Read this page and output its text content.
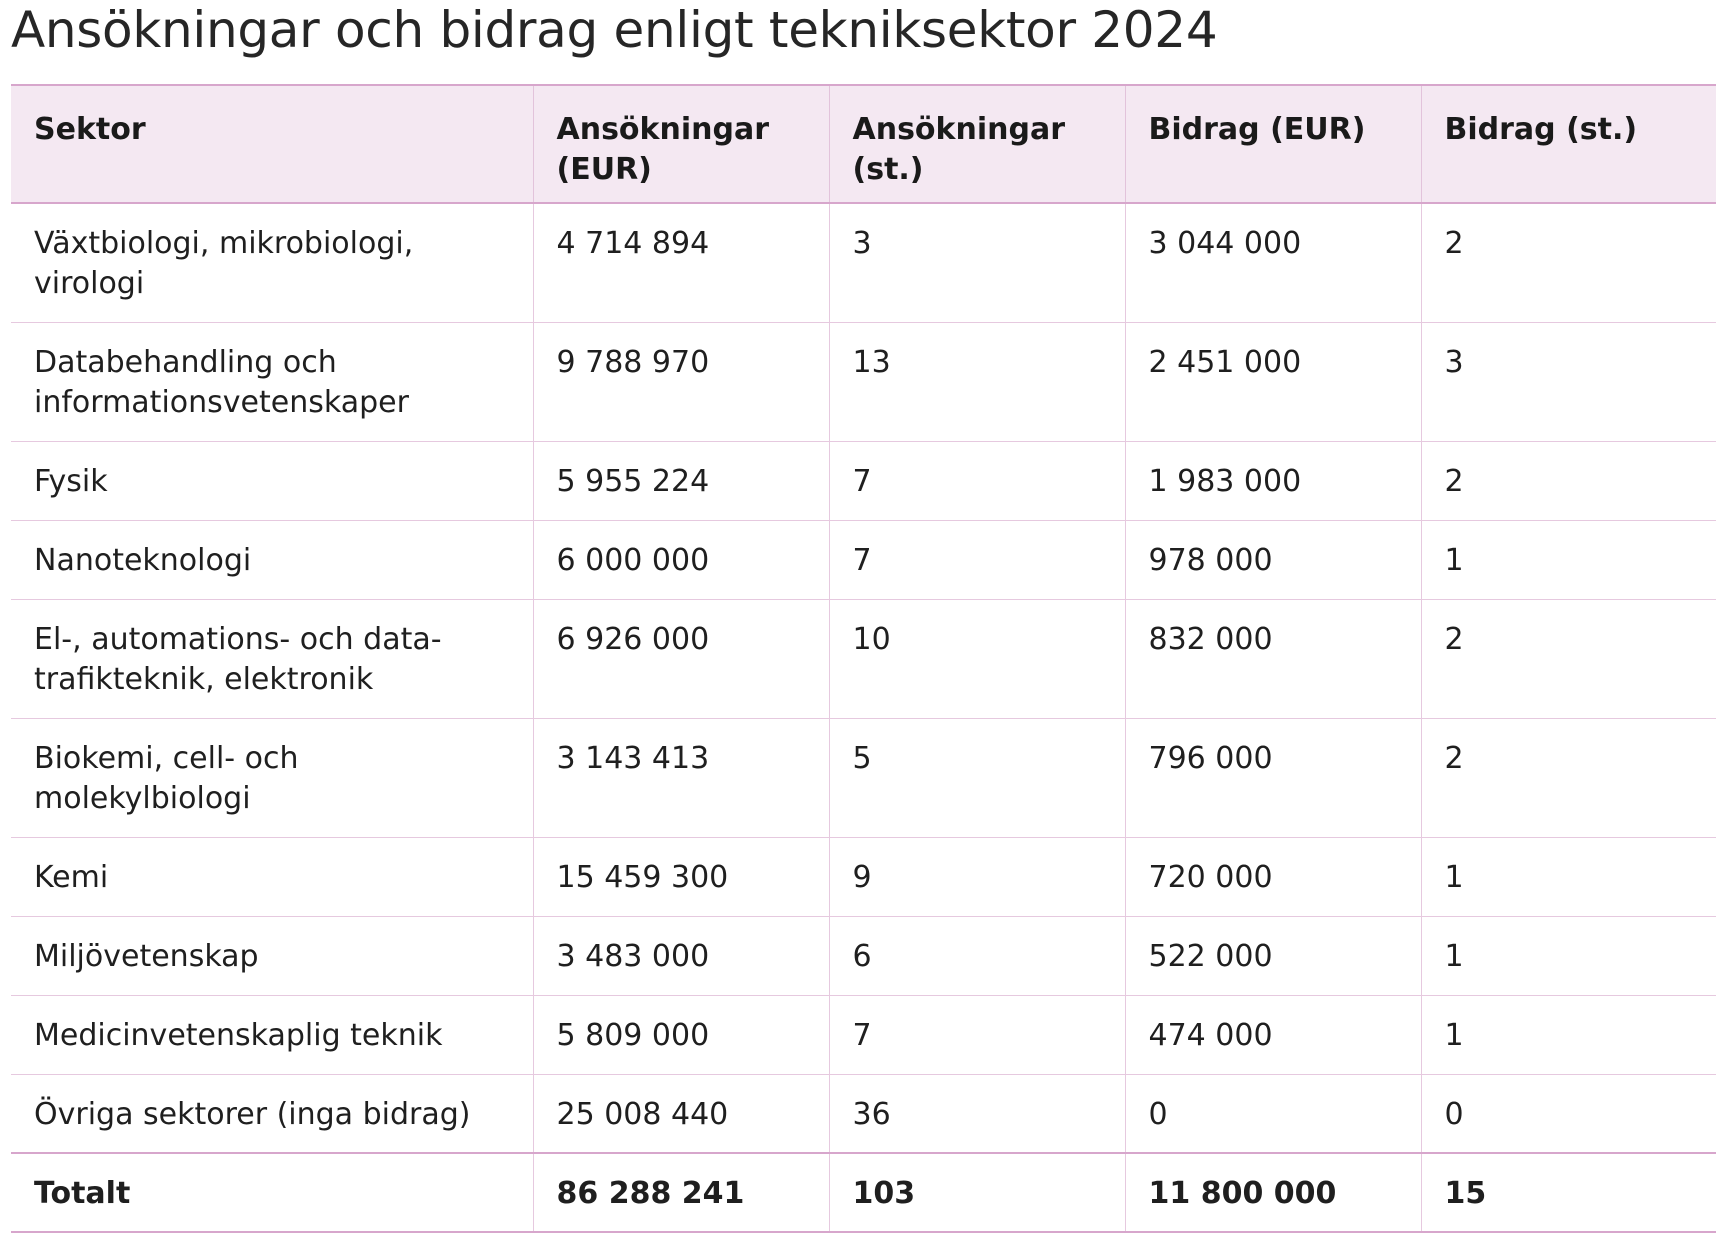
Ansökningar och bidrag enligt tekniksektor 2024
Sektor	Ansökningar (EUR)	Ansökningar (st.)	Bidrag (EUR)	Bidrag (st.)
Växtbiologi, mikrobiologi, virologi	4 714 894	3	3 044 000	2
Databehandling och informationsvetenskaper	9 788 970	13	2 451 000	3
Fysik	5 955 224	7	1 983 000	2
Nanoteknologi	6 000 000	7	978 000	1
El-, automations- och data-trafikteknik, elektronik	6 926 000	10	832 000	2
Biokemi, cell- och molekylbiologi	3 143 413	5	796 000	2
Kemi	15 459 300	9	720 000	1
Miljövetenskap	3 483 000	6	522 000	1
Medicinvetenskaplig teknik	5 809 000	7	474 000	1
Övriga sektorer (inga bidrag)	25 008 440	36	0	0
Totalt	86 288 241	103	11 800 000	15
